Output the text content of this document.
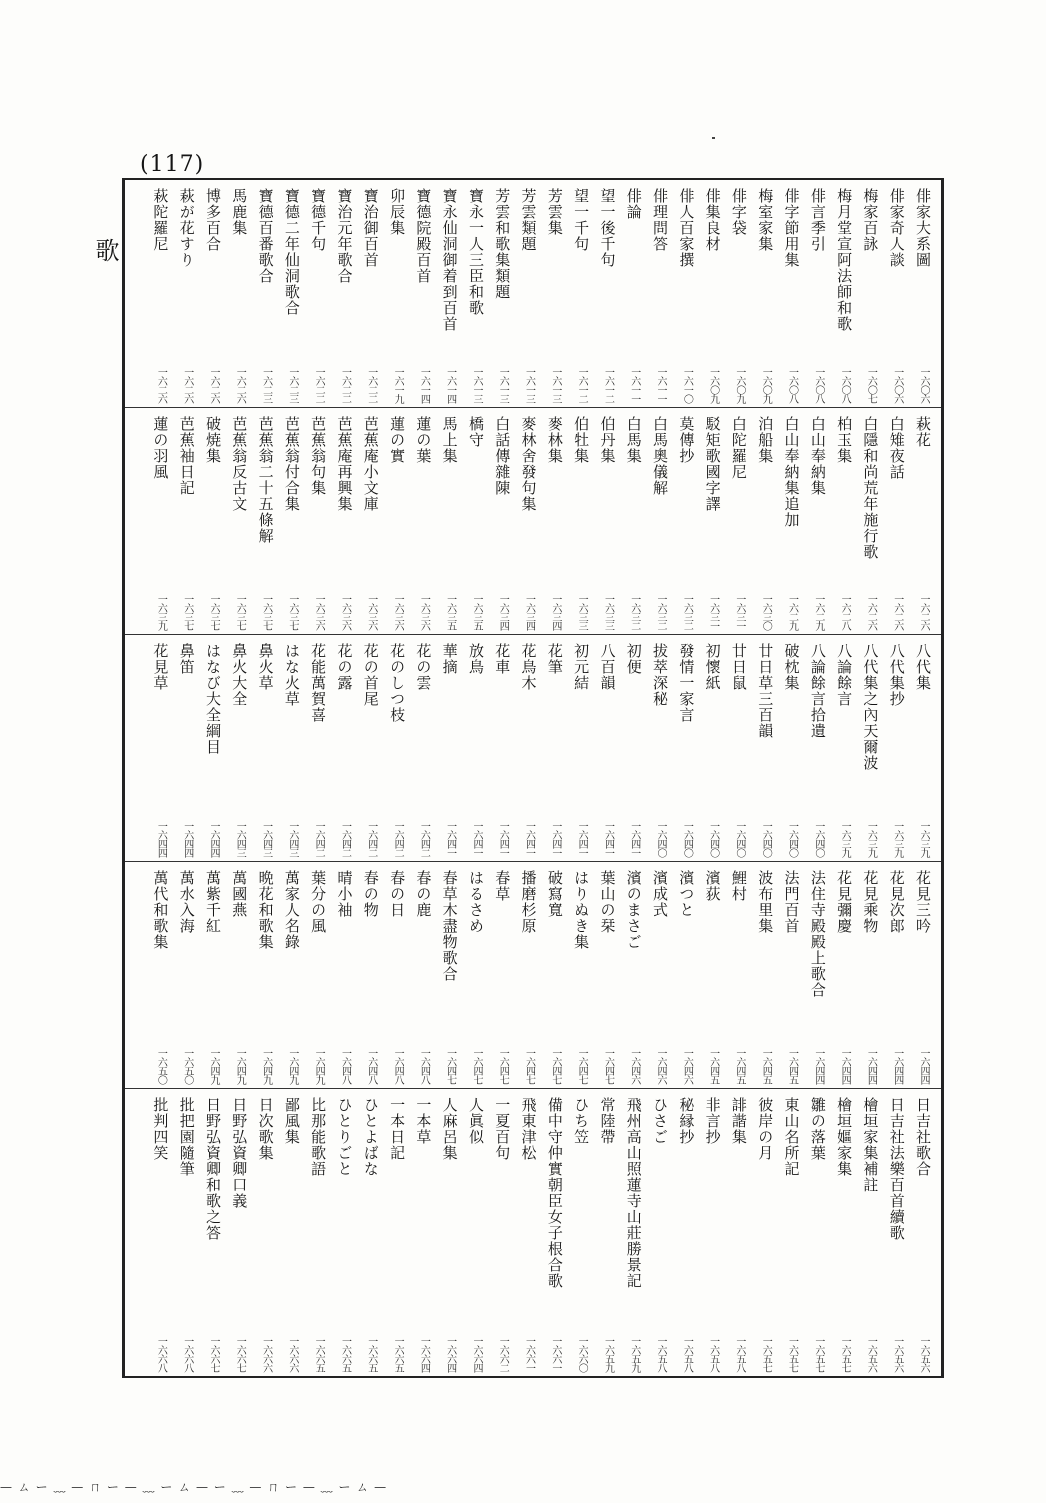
(117)
歌	俳家大系圖
一六〇六
俳家奇人談
一六〇六
梅家百詠
一六〇七
梅月堂宣阿法師和歌
一六〇八
俳言季引
一六〇八
俳字節用集
一六〇八
梅室家集
一六〇九
俳字袋
一六〇九
俳集良材
一六〇九
俳人百家撰
一六一〇
俳理問答
一六一一
俳論
一六一一
望一後千句
一六一二
望一千句
一六一二
芳雲集
一六一三
芳雲類題
一六一三
芳雲和歌集類題
一六一三
寶永一人三臣和歌
一六一三
寶永仙洞御着到百首
一六一四
寶德院殿百首
一六一四
卯辰集
一六一九
寶治御百首
一六二二
寶治元年歌合
一六二二
寶德千句
一六二二
寶德二年仙洞歌合
一六二三
寶德百番歌合
一六二三
馬鹿集
一六二六
博多百合
一六二六
萩が花すり
一六二六
萩陀羅尼
一六二六
萩花
一六二六
白雉夜話
一六二六
白隱和尚荒年施行歌
一六二六
柏玉集
一六二八
白山奉納集
一六二九
白山奉納集追加
一六二九
泊船集
一六三〇
白陀羅尼
一六三一
駁矩歌國字譯
一六三一
莫傳抄
一六三二
白馬奧儀解
一六三二
白馬集
一六三二
伯丹集
一六三三
伯牡集
一六三三
麥林集
一六三四
麥林舍發句集
一六三四
白話傳雜陳
一六三四
橋守
一六三五
馬上集
一六三五
蓮の葉
一六三六
蓮の實
一六三六
芭蕉庵小文庫
一六三六
芭蕉庵再興集
一六三六
芭蕉翁句集
一六三六
芭蕉翁付合集
一六三七
芭蕉翁二十五條解
一六三七
芭蕉翁反古文
一六三七
破焼集
一六三七
芭蕉袖日記
一六三七
蓮の羽風
一六三九
八代集
一六三九
八代集抄
一六三九
八代集之內天爾波
一六三九
八論餘言
一六三九
八論餘言拾遺
一六四〇
破枕集
一六四〇
廿日草三百韻
一六四〇
廿日鼠
一六四〇
初懷紙
一六四〇
發情一家言
一六四〇
拔萃深秘
一六四〇
初便
一六四一
八百韻
一六四一
初元結
一六四一
花筆
一六四一
花鳥木
一六四一
花車
一六四一
放鳥
一六四一
華摘
一六四一
花の雲
一六四二
花のしつ枝
一六四二
花の首尾
一六四二
花の露
一六四二
花能萬賀喜
一六四二
はな火草
一六四三
鼻火草
一六四三
鼻火大全
一六四三
はなび大全綱目
一六四四
鼻笛
一六四四
花見草
一六四四
花見三吟
一六四四
花見次郎
一六四四
花見乘物
一六四四
花見彌慶
一六四四
法住寺殿殿上歌合
一六四四
法門百首
一六四五
波布里集
一六四五
鯉村
一六四五
濱荻
一六四五
濱つと
一六四六
濱成式
一六四六
濱のまさご
一六四六
葉山の栞
一六四七
はりぬき集
一六四七
破寫寬
一六四七
播磨杉原
一六四七
春草
一六四七
はるさめ
一六四七
春草木盡物歌合
一六四七
春の鹿
一六四八
春の日
一六四八
春の物
一六四八
晴小袖
一六四八
葉分の風
一六四九
萬家人名錄
一六四九
晩花和歌集
一六四九
萬國燕
一六四九
萬紫千紅
一六四九
萬水入海
一六五〇
萬代和歌集
一六五〇
日吉社歌合
一六五六
日吉社法樂百首續歌
一六五六
檜垣家集補註
一六五六
檜垣嫗家集
一六五七
雛の落葉
一六五七
東山名所記
一六五七
彼岸の月
一六五七
誹諧集
一六五八
非言抄
一六五八
秘縁抄
一六五八
ひさご
一六五八
飛州高山照蓮寺山莊勝景記
一六五九
常陸帶
一六五九
ひち笠
一六六〇
備中守仲實朝臣女子根合歌
一六六一
飛東津松
一六六一
一夏百句
一六六二
人眞似
一六六四
人麻呂集
一六六四
一本草
一六六四
一本日記
一六六五
ひとよばな
一六六五
ひとりごと
一六六五
比那能歌語
一六六五
鄙風集
一六六六
日次歌集
一六六六
日野弘資卿口義
一六六七
日野弘資卿和歌之答
一六六七
批把園隨筆
一六六八
批判四笑
一六六八
— ㄙ ー ﹏ — ㄇ ー — ﹏ ー ㄙ — ー ﹏ — ㄇ ー — ﹏ ー ㄙ —
